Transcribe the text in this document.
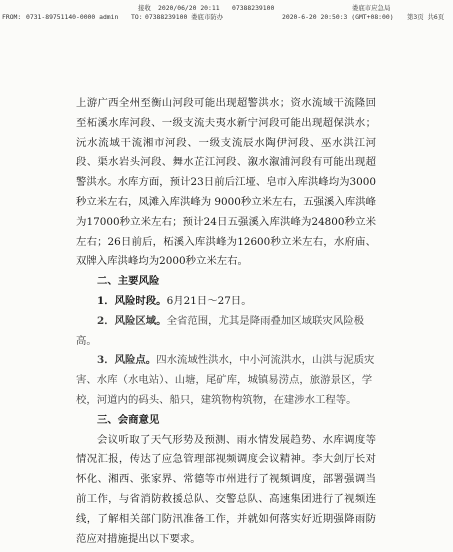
接收 2020/06/20 20:11 07388239100	娄底市应急局
FROM: 0731-89751140-0000 admin TO: 07388239100 娄底市防办	2020-6-20 20:50:3 (GMT+08:00) 第3页 共6页

上游广西全州至衡山河段可能出现超警洪水；资水流域干流隆回至柘溪水库河段、一级支流夫夷水新宁河段可能出现超保洪水；沅水流域干流湘市河段、一级支流辰水陶伊河段、巫水洪江河段、渠水岩头河段、舞水芷江河段、溆水溆浦河段有可能出现超警洪水。水库方面，预计23日前后江垭、皂市入库洪峰均为3000秒立米左右，凤滩入库洪峰为 9000秒立米左右，五强溪入库洪峰为17000秒立米左右；预计24日五强溪入库洪峰为24800秒立米左右；26日前后，柘溪入库洪峰为12600秒立米左右，水府庙、双牌入库洪峰均为2000秒立米左右。

二、主要风险

1．风险时段。6月21日～27日。

2．风险区域。全省范围，尤其是降雨叠加区域联灾风险极高。

3．风险点。四水流域性洪水，中小河流洪水，山洪与泥质灾害、水库（水电站）、山塘，尾矿库，城镇易涝点，旅游景区，学校，河道内的码头、船只，建筑物构筑物，在建涉水工程等。

三、会商意见

会议听取了天气形势及预测、雨水情发展趋势、水库调度等情况汇报，传达了应急管理部视频调度会议精神。李大剑厅长对怀化、湘西、张家界、常德等市州进行了视频调度，部署强调当前工作，与省消防救援总队、交警总队、高速集团进行了视频连线，了解相关部门防汛准备工作，并就如何落实好近期强降雨防范应对措施提出以下要求。
